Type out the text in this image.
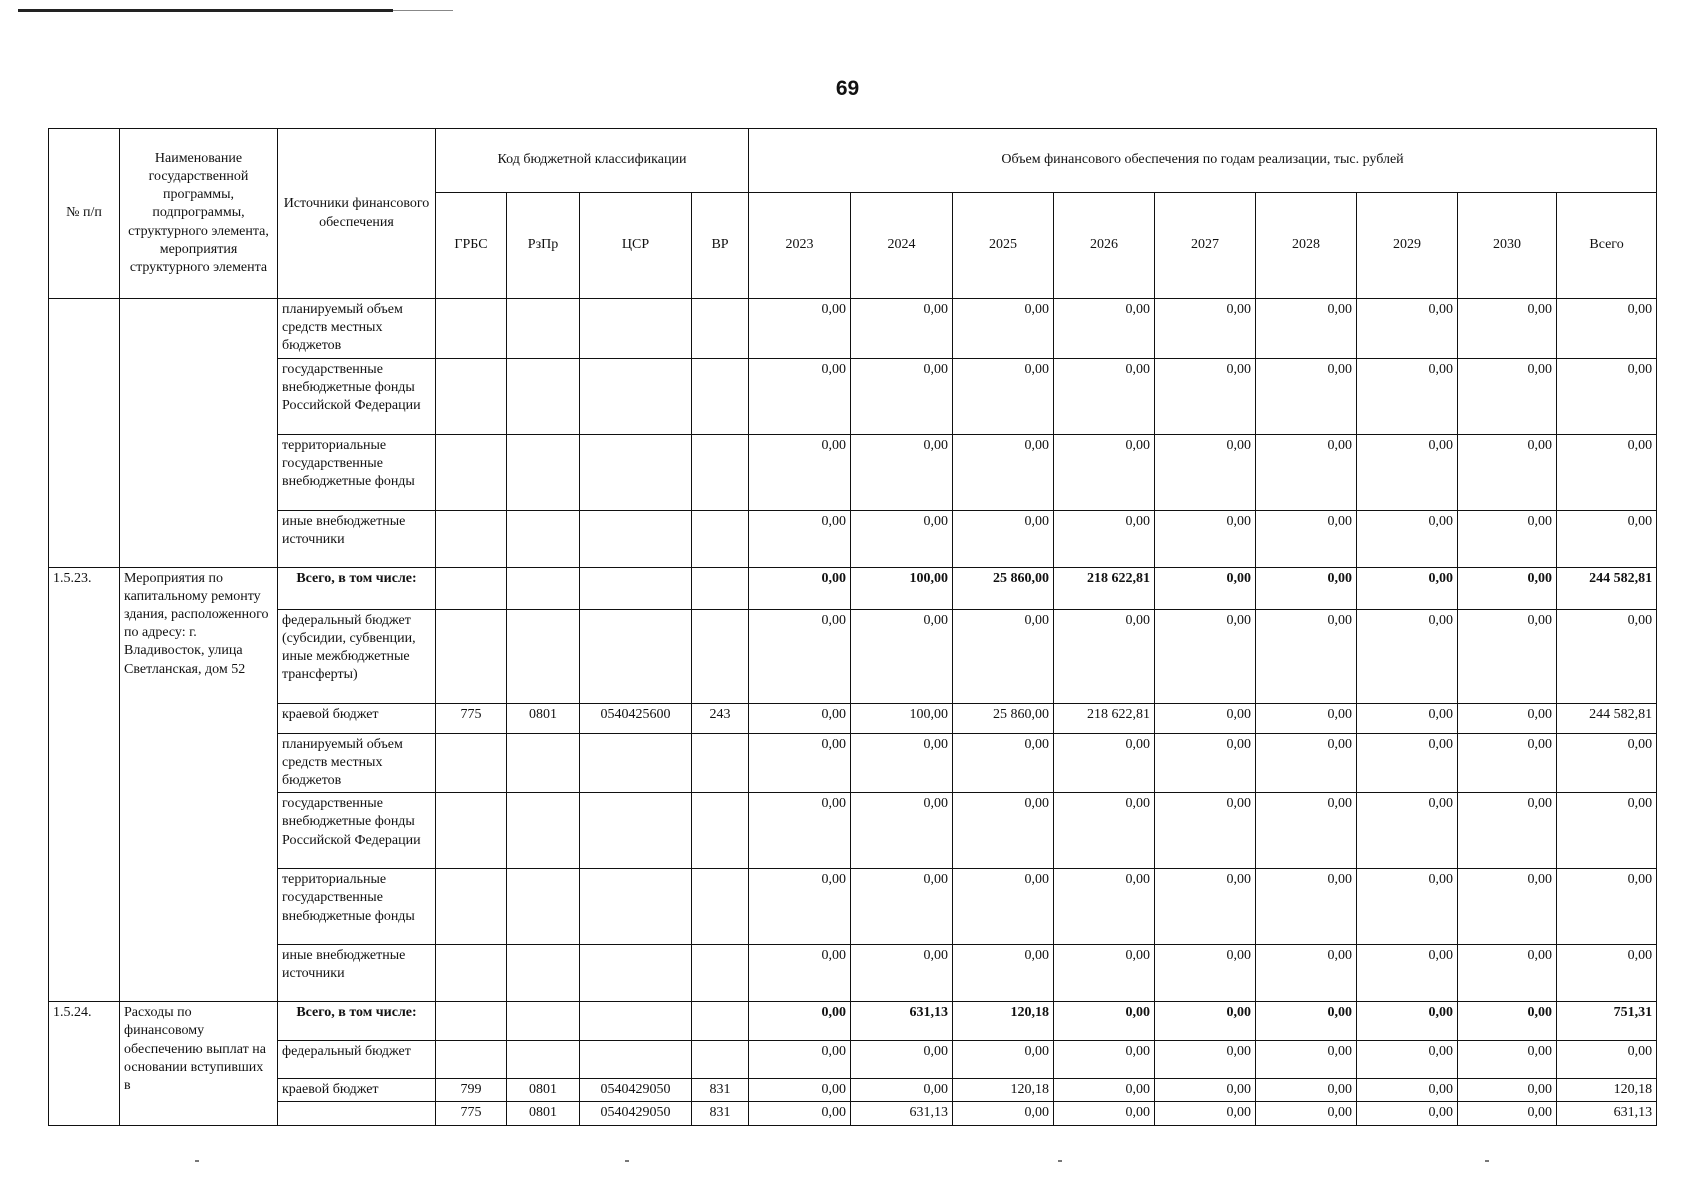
69
№ п/п	Наименование государственной программы, подпрограммы, структурного элемента, мероприятия структурного элемента	Источники финансового обеспечения	Код бюджетной классификации				Объем финансового обеспечения по годам реализации, тыс. рублей								
			ГРБС	РзПр	ЦСР	ВР	2023	2024	2025	2026	2027	2028	2029	2030	Всего
		планируемый объем средств местных бюджетов					0,00	0,00	0,00	0,00	0,00	0,00	0,00	0,00	0,00
		государственные внебюджетные фонды Российской Федерации					0,00	0,00	0,00	0,00	0,00	0,00	0,00	0,00	0,00
		территориальные государственные внебюджетные фонды					0,00	0,00	0,00	0,00	0,00	0,00	0,00	0,00	0,00
		иные внебюджетные источники					0,00	0,00	0,00	0,00	0,00	0,00	0,00	0,00	0,00
1.5.23.	Мероприятия по капитальному ремонту здания, расположенного по адресу: г. Владивосток, улица Светланская, дом 52	Всего, в том числе:					0,00	100,00	25 860,00	218 622,81	0,00	0,00	0,00	0,00	244 582,81
		федеральный бюджет (субсидии, субвенции, иные межбюджетные трансферты)					0,00	0,00	0,00	0,00	0,00	0,00	0,00	0,00	0,00
		краевой бюджет	775	0801	0540425600	243	0,00	100,00	25 860,00	218 622,81	0,00	0,00	0,00	0,00	244 582,81
		планируемый объем средств местных бюджетов					0,00	0,00	0,00	0,00	0,00	0,00	0,00	0,00	0,00
		государственные внебюджетные фонды Российской Федерации					0,00	0,00	0,00	0,00	0,00	0,00	0,00	0,00	0,00
		территориальные государственные внебюджетные фонды					0,00	0,00	0,00	0,00	0,00	0,00	0,00	0,00	0,00
		иные внебюджетные источники					0,00	0,00	0,00	0,00	0,00	0,00	0,00	0,00	0,00
1.5.24.	Расходы по финансовому обеспечению выплат на основании вступивших в	Всего, в том числе:					0,00	631,13	120,18	0,00	0,00	0,00	0,00	0,00	751,31
		федеральный бюджет					0,00	0,00	0,00	0,00	0,00	0,00	0,00	0,00	0,00
		краевой бюджет	799	0801	0540429050	831	0,00	0,00	120,18	0,00	0,00	0,00	0,00	0,00	120,18
			775	0801	0540429050	831	0,00	631,13	0,00	0,00	0,00	0,00	0,00	0,00	631,13
